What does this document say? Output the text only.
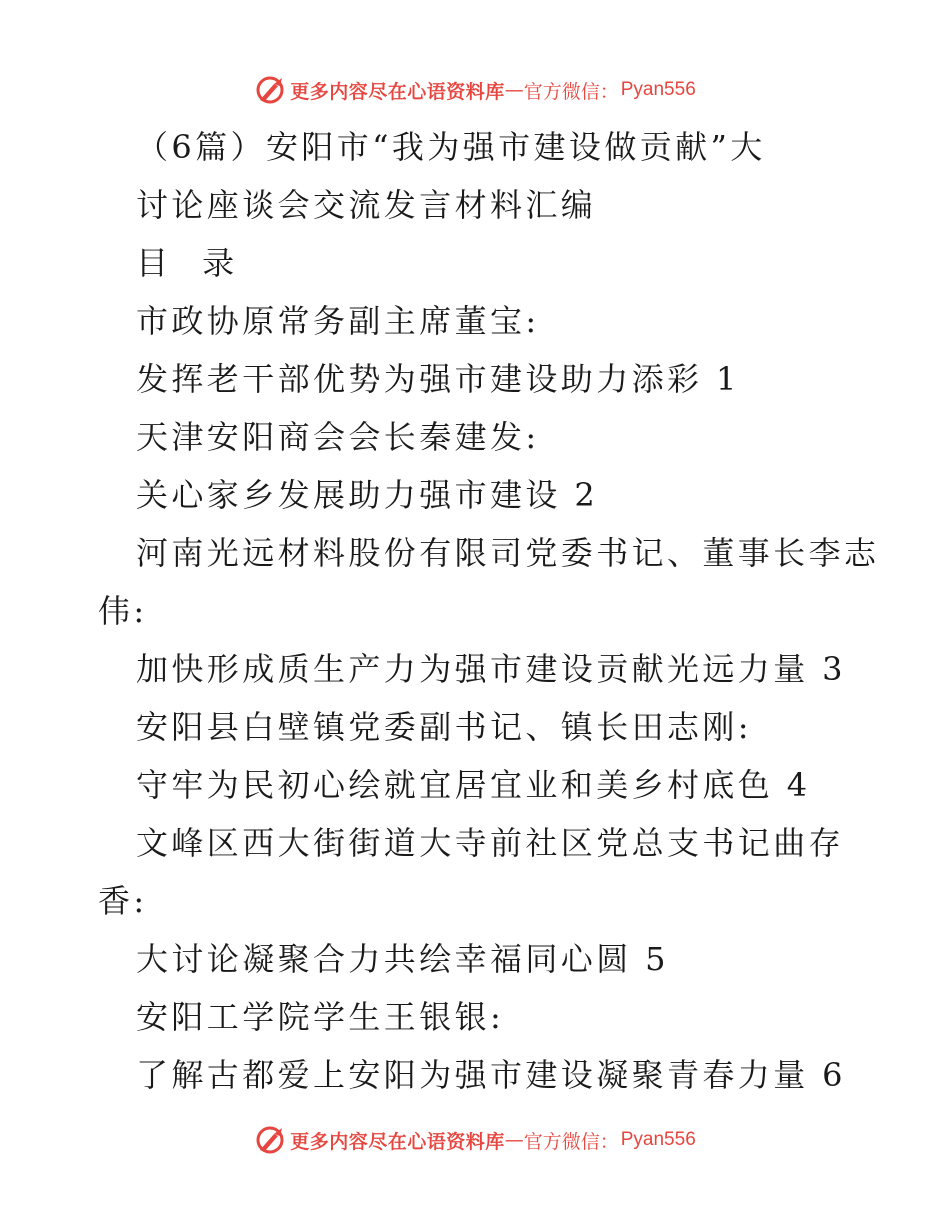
更多内容尽在心语资料库 — 官方微信： Pyan556
（6篇）安阳市“我为强市建设做贡献”大
讨论座谈会交流发言材料汇编
目 录
市政协原常务副主席董宝:
发挥老干部优势为强市建设助力添彩 1
天津安阳商会会长秦建发:
关心家乡发展助力强市建设 2
河南光远材料股份有限司党委书记、董事长李志
伟:
加快形成质生产力为强市建设贡献光远力量 3
安阳县白壁镇党委副书记、镇长田志刚:
守牢为民初心绘就宜居宜业和美乡村底色 4
文峰区西大街街道大寺前社区党总支书记曲存
香:
大讨论凝聚合力共绘幸福同心圆 5
安阳工学院学生王银银:
了解古都爱上安阳为强市建设凝聚青春力量 6
更多内容尽在心语资料库 — 官方微信： Pyan556
